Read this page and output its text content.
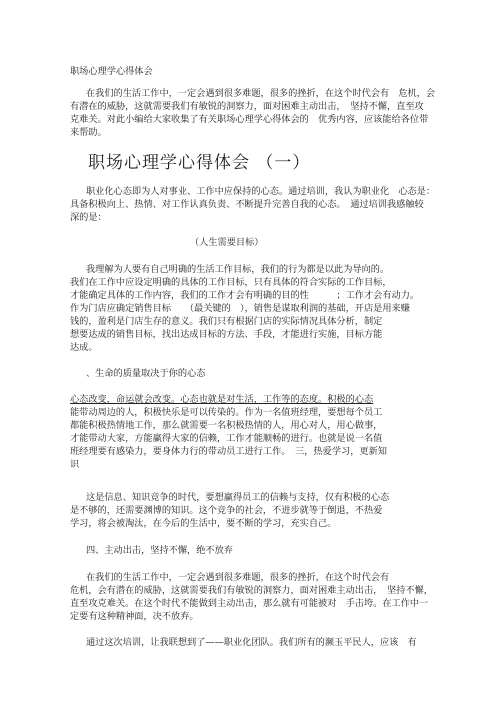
职场心理学心得体会
在我们的生活工作中，一定会遇到很多难题，很多的挫折，在这个时代会有　危机，会
有潜在的威胁，这就需要我们有敏锐的洞察力，面对困难主动出击，　坚持不懈，直至攻
克难关。对此小编给大家收集了有关职场心理学心得体会的　优秀内容，应该能给各位带
来帮助。
职场心理学心得体会 （一）
职业化心态即为人对事业、工作中应保持的心态。通过培训，我认为职业化　心态是：
具备积极向上、热情、对工作认真负责、不断提升完善自我的心态。　通过培训我感触较
深的是：
（人生需要目标）
我理解为人要有自己明确的生活工作目标，我们的行为都是以此为导向的。
我们在工作中应设定明确的具体的工作目标，只有具体的符合实际的工作目标，
才能确定具体的工作内容，我们的工作才会有明确的目的性　　　；工作才会有动力。
作为门店应确定销售目标　　（最关键的　），销售是谋取利润的基础，开店是用来赚
钱的，盈利是门店生存的意义。我们只有根据门店的实际情况具体分析，制定
想要达成的销售目标，找出达成目标的方法、手段，才能进行实施，目标方能
达成。
、生命的质量取决于你的心态
心态改变，命运就会改变。心态也就是对生活，工作等的态度。积极的心态
能带动周边的人，积极快乐是可以传染的。作为一名值班经理，要想每个员工
都能积极热情地工作，那么就需要一名积极热情的人，用心对人，用心做事，
才能带动大家，方能赢得大家的信赖，工作才能顺畅的进行。也就是说一名值
班经理要有感染力，要身体力行的带动员工进行工作。　三，热爱学习，更新知
识
这是信息、知识竞争的时代，要想赢得员工的信赖与支持，仅有积极的心态
是不够的，还需要渊博的知识。这个竞争的社会，不进步就等于倒退，不热爱
学习，将会被淘汰，在今后的生活中，要不断的学习，充实自己。
四、主动出击，坚持不懈，绝不放弃
在我们的生活工作中，一定会遇到很多难题，很多的挫折，在这个时代会有
危机，会有潜在的威胁，这就需要我们有敏锐的洞察力，面对困难主动出击，　坚持不懈，
直至攻克难关。在这个时代不能做到主动出击，那么就有可能被对　手击垮。在工作中一
定要有这种精神面，决不放弃。
通过这次培训，让我联想到了——职业化团队。我们所有的濒玉平民人，应该　有
